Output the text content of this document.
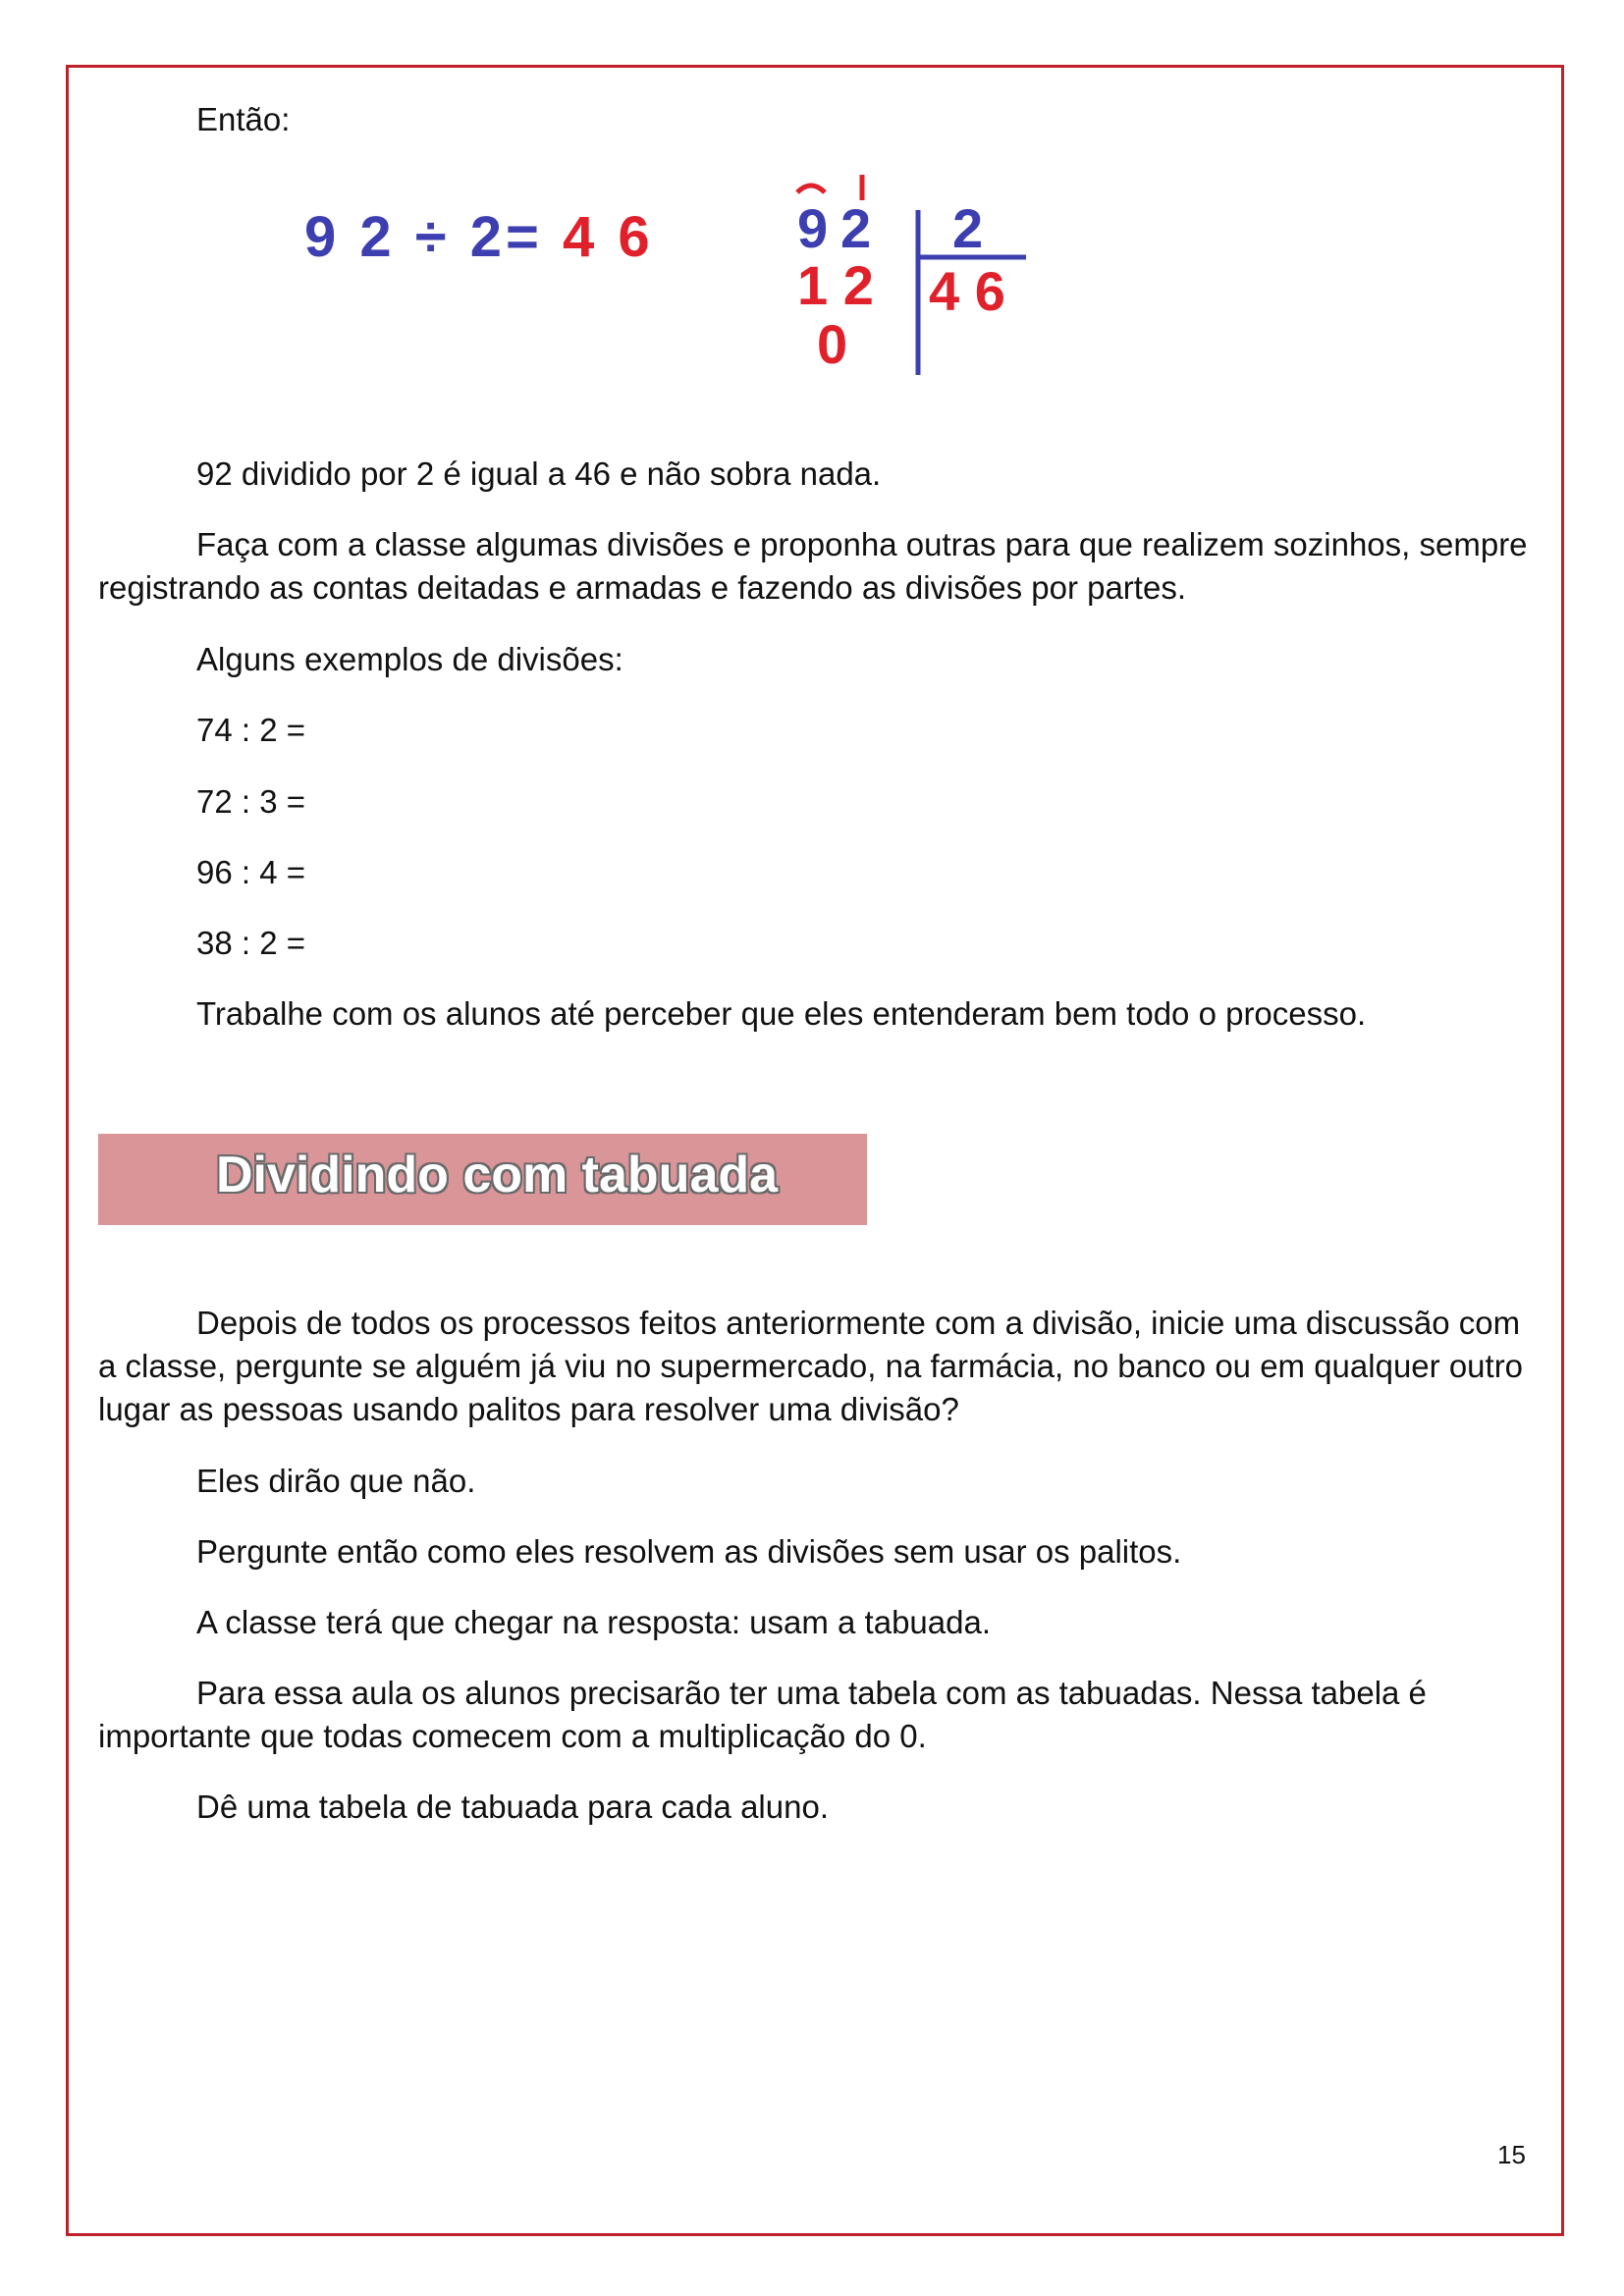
Então:

9 2 ÷ 2= 4 6	9 2 2
1 2 4 6
0

92 dividido por 2 é igual a 46 e não sobra nada.

Faça com a classe algumas divisões e proponha outras para que realizem sozinhos, sempre registrando as contas deitadas e armadas e fazendo as divisões por partes.

Alguns exemplos de divisões:

74 : 2 =

72 : 3 =

96 : 4 =

38 : 2 =

Trabalhe com os alunos até perceber que eles entenderam bem todo o processo.

Dividindo com tabuada

Depois de todos os processos feitos anteriormente com a divisão, inicie uma discussão com a classe, pergunte se alguém já viu no supermercado, na farmácia, no banco ou em qualquer outro lugar as pessoas usando palitos para resolver uma divisão?

Eles dirão que não.

Pergunte então como eles resolvem as divisões sem usar os palitos.

A classe terá que chegar na resposta: usam a tabuada.

Para essa aula os alunos precisarão ter uma tabela com as tabuadas. Nessa tabela é importante que todas comecem com a multiplicação do 0.

Dê uma tabela de tabuada para cada aluno.

15
